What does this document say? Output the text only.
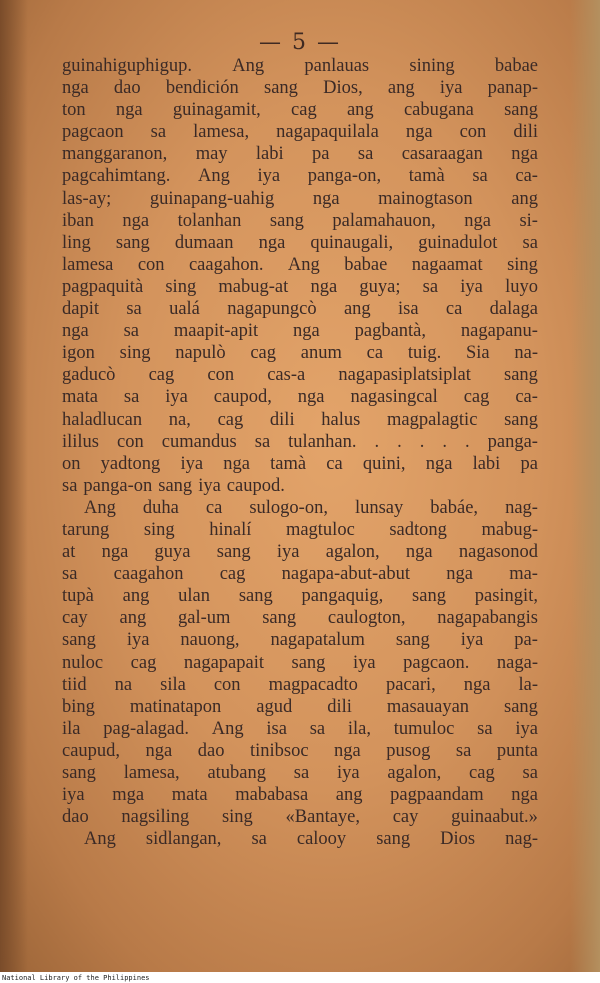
— 5 —
guinahiguphigup. Ang panlauas sining babae
nga dao bendición sang Dios, ang iya panap-
ton nga guinagamit, cag ang cabugana sang
pagcaon sa lamesa, nagapaquilala nga con dili
manggaranon, may labi pa sa casaraagan nga
pagcahimtang. Ang iya panga-on, tamà sa ca-
las-ay; guinapang-uahig nga mainogtason ang
iban nga tolanhan sang palamahauon, nga si-
ling sang dumaan nga quinaugali, guinadulot sa
lamesa con caagahon. Ang babae nagaamat sing
pagpaquità sing mabug-at nga guya; sa iya luyo
dapit sa ualá nagapungcò ang isa ca dalaga
nga sa maapit-apit nga pagbantà, nagapanu-
igon sing napulò cag anum ca tuig. Sia na-
gaducò cag con cas-a nagapasiplatsiplat sang
mata sa iya caupod, nga nagasingcal cag ca-
haladlucan na, cag dili halus magpalagtic sang
ililus con cumandus sa tulanhan. . . . . . panga-
on yadtong iya nga tamà ca quini, nga labi pa
sa panga-on sang iya caupod.
Ang duha ca sulogo-on, lunsay babáe, nag-
tarung sing hinalí magtuloc sadtong mabug-
at nga guya sang iya agalon, nga nagasonod
sa caagahon cag nagapa-abut-abut nga ma-
tupà ang ulan sang pangaquig, sang pasingit,
cay ang gal-um sang caulogton, nagapabangis
sang iya nauong, nagapatalum sang iya pa-
nuloc cag nagapapait sang iya pagcaon. naga-
tiid na sila con magpacadto pacari, nga la-
bing matinatapon agud dili masauayan sang
ila pag-alagad. Ang isa sa ila, tumuloc sa iya
caupud, nga dao tinibsoc nga pusog sa punta
sang lamesa, atubang sa iya agalon, cag sa
iya mga mata mababasa ang pagpaandam nga
dao nagsiling sing «Bantaye, cay guinaabut.»
Ang sidlangan, sa calooy sang Dios nag-
National Library of the Philippines
